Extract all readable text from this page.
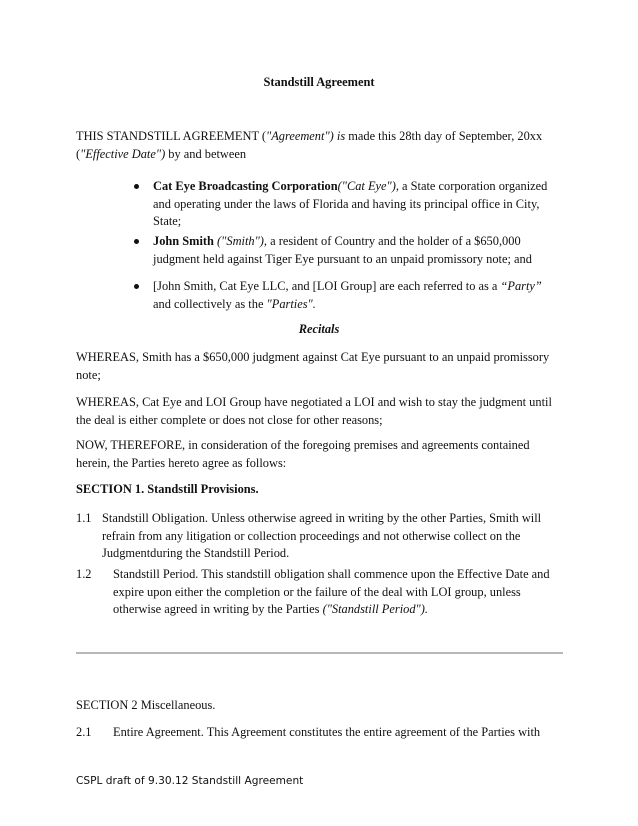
Standstill Agreement
THIS STANDSTILL AGREEMENT ("Agreement") is made this 28th day of September, 20xx ("Effective Date") by and between
Cat Eye Broadcasting Corporation("Cat Eye"), a State corporation organized and operating under the laws of Florida and having its principal office in City, State;
John Smith ("Smith"), a resident of Country and the holder of a $650,000 judgment held against Tiger Eye pursuant to an unpaid promissory note; and
[John Smith, Cat Eye LLC, and [LOI Group] are each referred to as a “Party” and collectively as the "Parties".
Recitals
WHEREAS, Smith has a $650,000 judgment against Cat Eye pursuant to an unpaid promissory note;
WHEREAS, Cat Eye and LOI Group have negotiated a LOI and wish to stay the judgment until the deal is either complete or does not close for other reasons;
NOW, THEREFORE, in consideration of the foregoing premises and agreements contained herein, the Parties hereto agree as follows:
SECTION 1. Standstill Provisions.
1.1 Standstill Obligation. Unless otherwise agreed in writing by the other Parties, Smith will refrain from any litigation or collection proceedings and not otherwise collect on the Judgmentduring the Standstill Period.
1.2 Standstill Period. This standstill obligation shall commence upon the Effective Date and expire upon either the completion or the failure of the deal with LOI group, unless otherwise agreed in writing by the Parties ("Standstill Period").
SECTION 2 Miscellaneous.
2.1 Entire Agreement. This Agreement constitutes the entire agreement of the Parties with
CSPL draft of 9.30.12 Standstill Agreement
